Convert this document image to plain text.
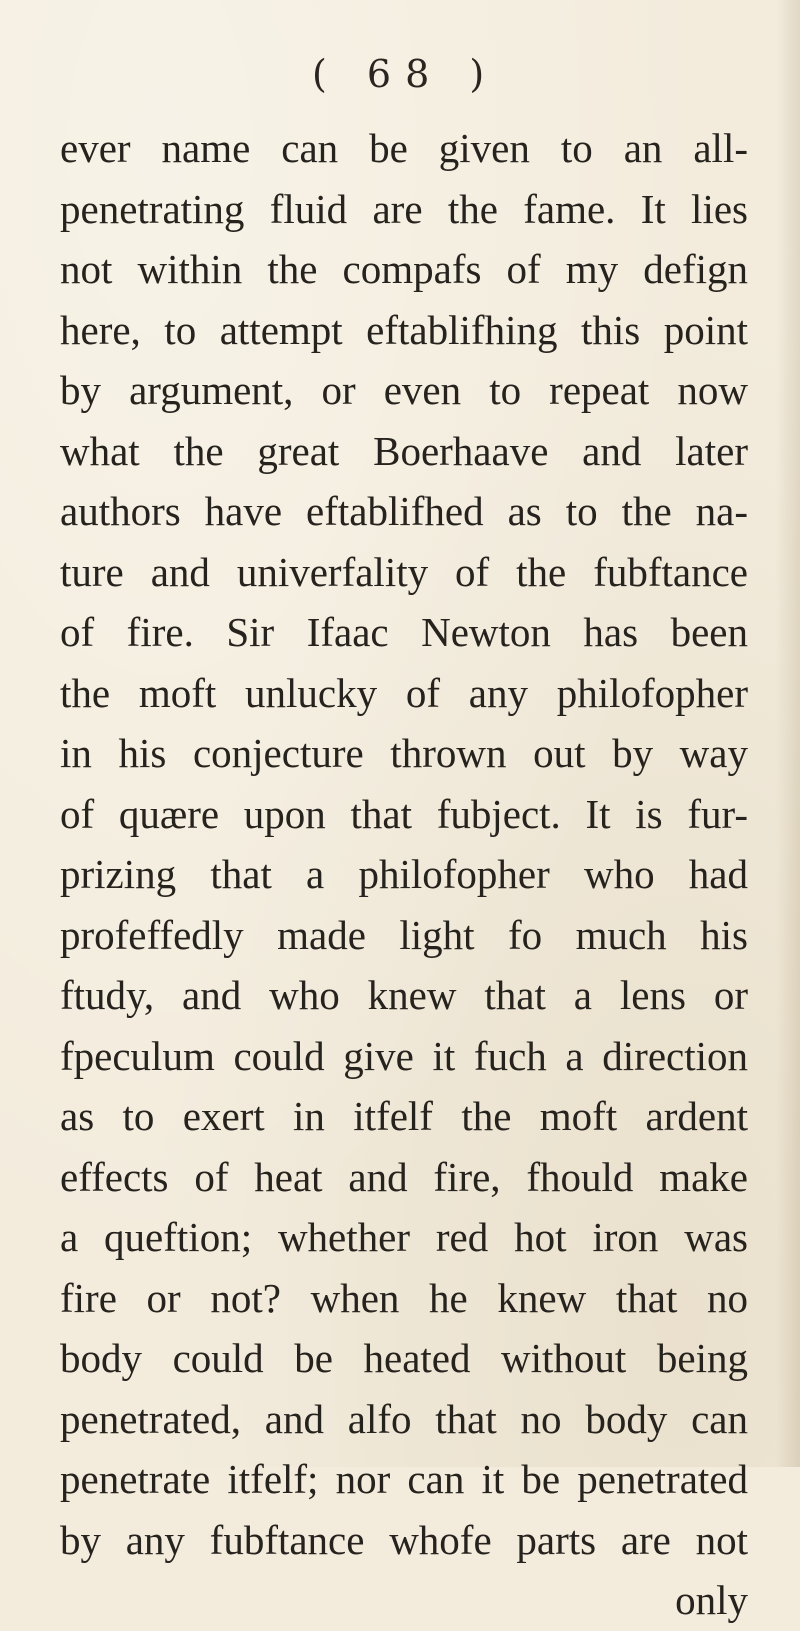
( 68 )
ever name can be given to an all-
penetrating fluid are the fame. It lies
not within the compafs of my defign
here, to attempt eftablifhing this point
by argument, or even to repeat now
what the great Boerhaave and later
authors have eftablifhed as to the na-
ture and univerfality of the fubftance
of fire. Sir Ifaac Newton has been
the moft unlucky of any philofopher
in his conjecture thrown out by way
of quære upon that fubject. It is fur-
prizing that a philofopher who had
profeffedly made light fo much his
ftudy, and who knew that a lens or
fpeculum could give it fuch a direction
as to exert in itfelf the moft ardent
effects of heat and fire, fhould make
a queftion; whether red hot iron was
fire or not? when he knew that no
body could be heated without being
penetrated, and alfo that no body can
penetrate itfelf; nor can it be penetrated
by any fubftance whofe parts are not
only
